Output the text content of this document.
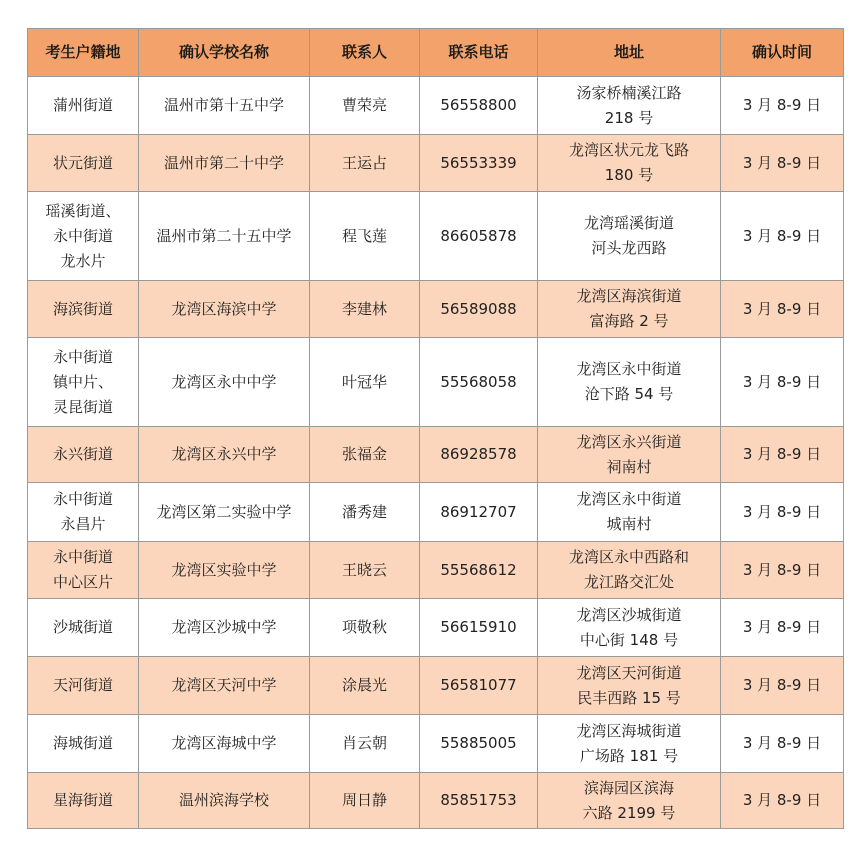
考生户籍地	确认学校名称	联系人	联系电话	地址	确认时间

蒲州街道	温州市第十五中学	曹荣亮	56558800	汤家桥楠溪江路
218 号	3 月 8-9 日

状元街道	温州市第二十中学	王运占	56553339	龙湾区状元龙飞路
180 号	3 月 8-9 日

瑶溪街道、
永中街道
龙水片	温州市第二十五中学	程飞莲	86605878	龙湾瑶溪街道
河头龙西路	3 月 8-9 日

海滨街道	龙湾区海滨中学	李建林	56589088	龙湾区海滨街道
富海路 2 号	3 月 8-9 日

永中街道
镇中片、
灵昆街道	龙湾区永中中学	叶冠华	55568058	龙湾区永中街道
沧下路 54 号	3 月 8-9 日

永兴街道	龙湾区永兴中学	张福金	86928578	龙湾区永兴街道
祠南村	3 月 8-9 日

永中街道
永昌片	龙湾区第二实验中学	潘秀建	86912707	龙湾区永中街道
城南村	3 月 8-9 日

永中街道
中心区片	龙湾区实验中学	王晓云	55568612	龙湾区永中西路和
龙江路交汇处	3 月 8-9 日

沙城街道	龙湾区沙城中学	项敬秋	56615910	龙湾区沙城街道
中心街 148 号	3 月 8-9 日

天河街道	龙湾区天河中学	涂晨光	56581077	龙湾区天河街道
民丰西路 15 号	3 月 8-9 日

海城街道	龙湾区海城中学	肖云朝	55885005	龙湾区海城街道
广场路 181 号	3 月 8-9 日

星海街道	温州滨海学校	周日静	85851753	滨海园区滨海
六路 2199 号	3 月 8-9 日
